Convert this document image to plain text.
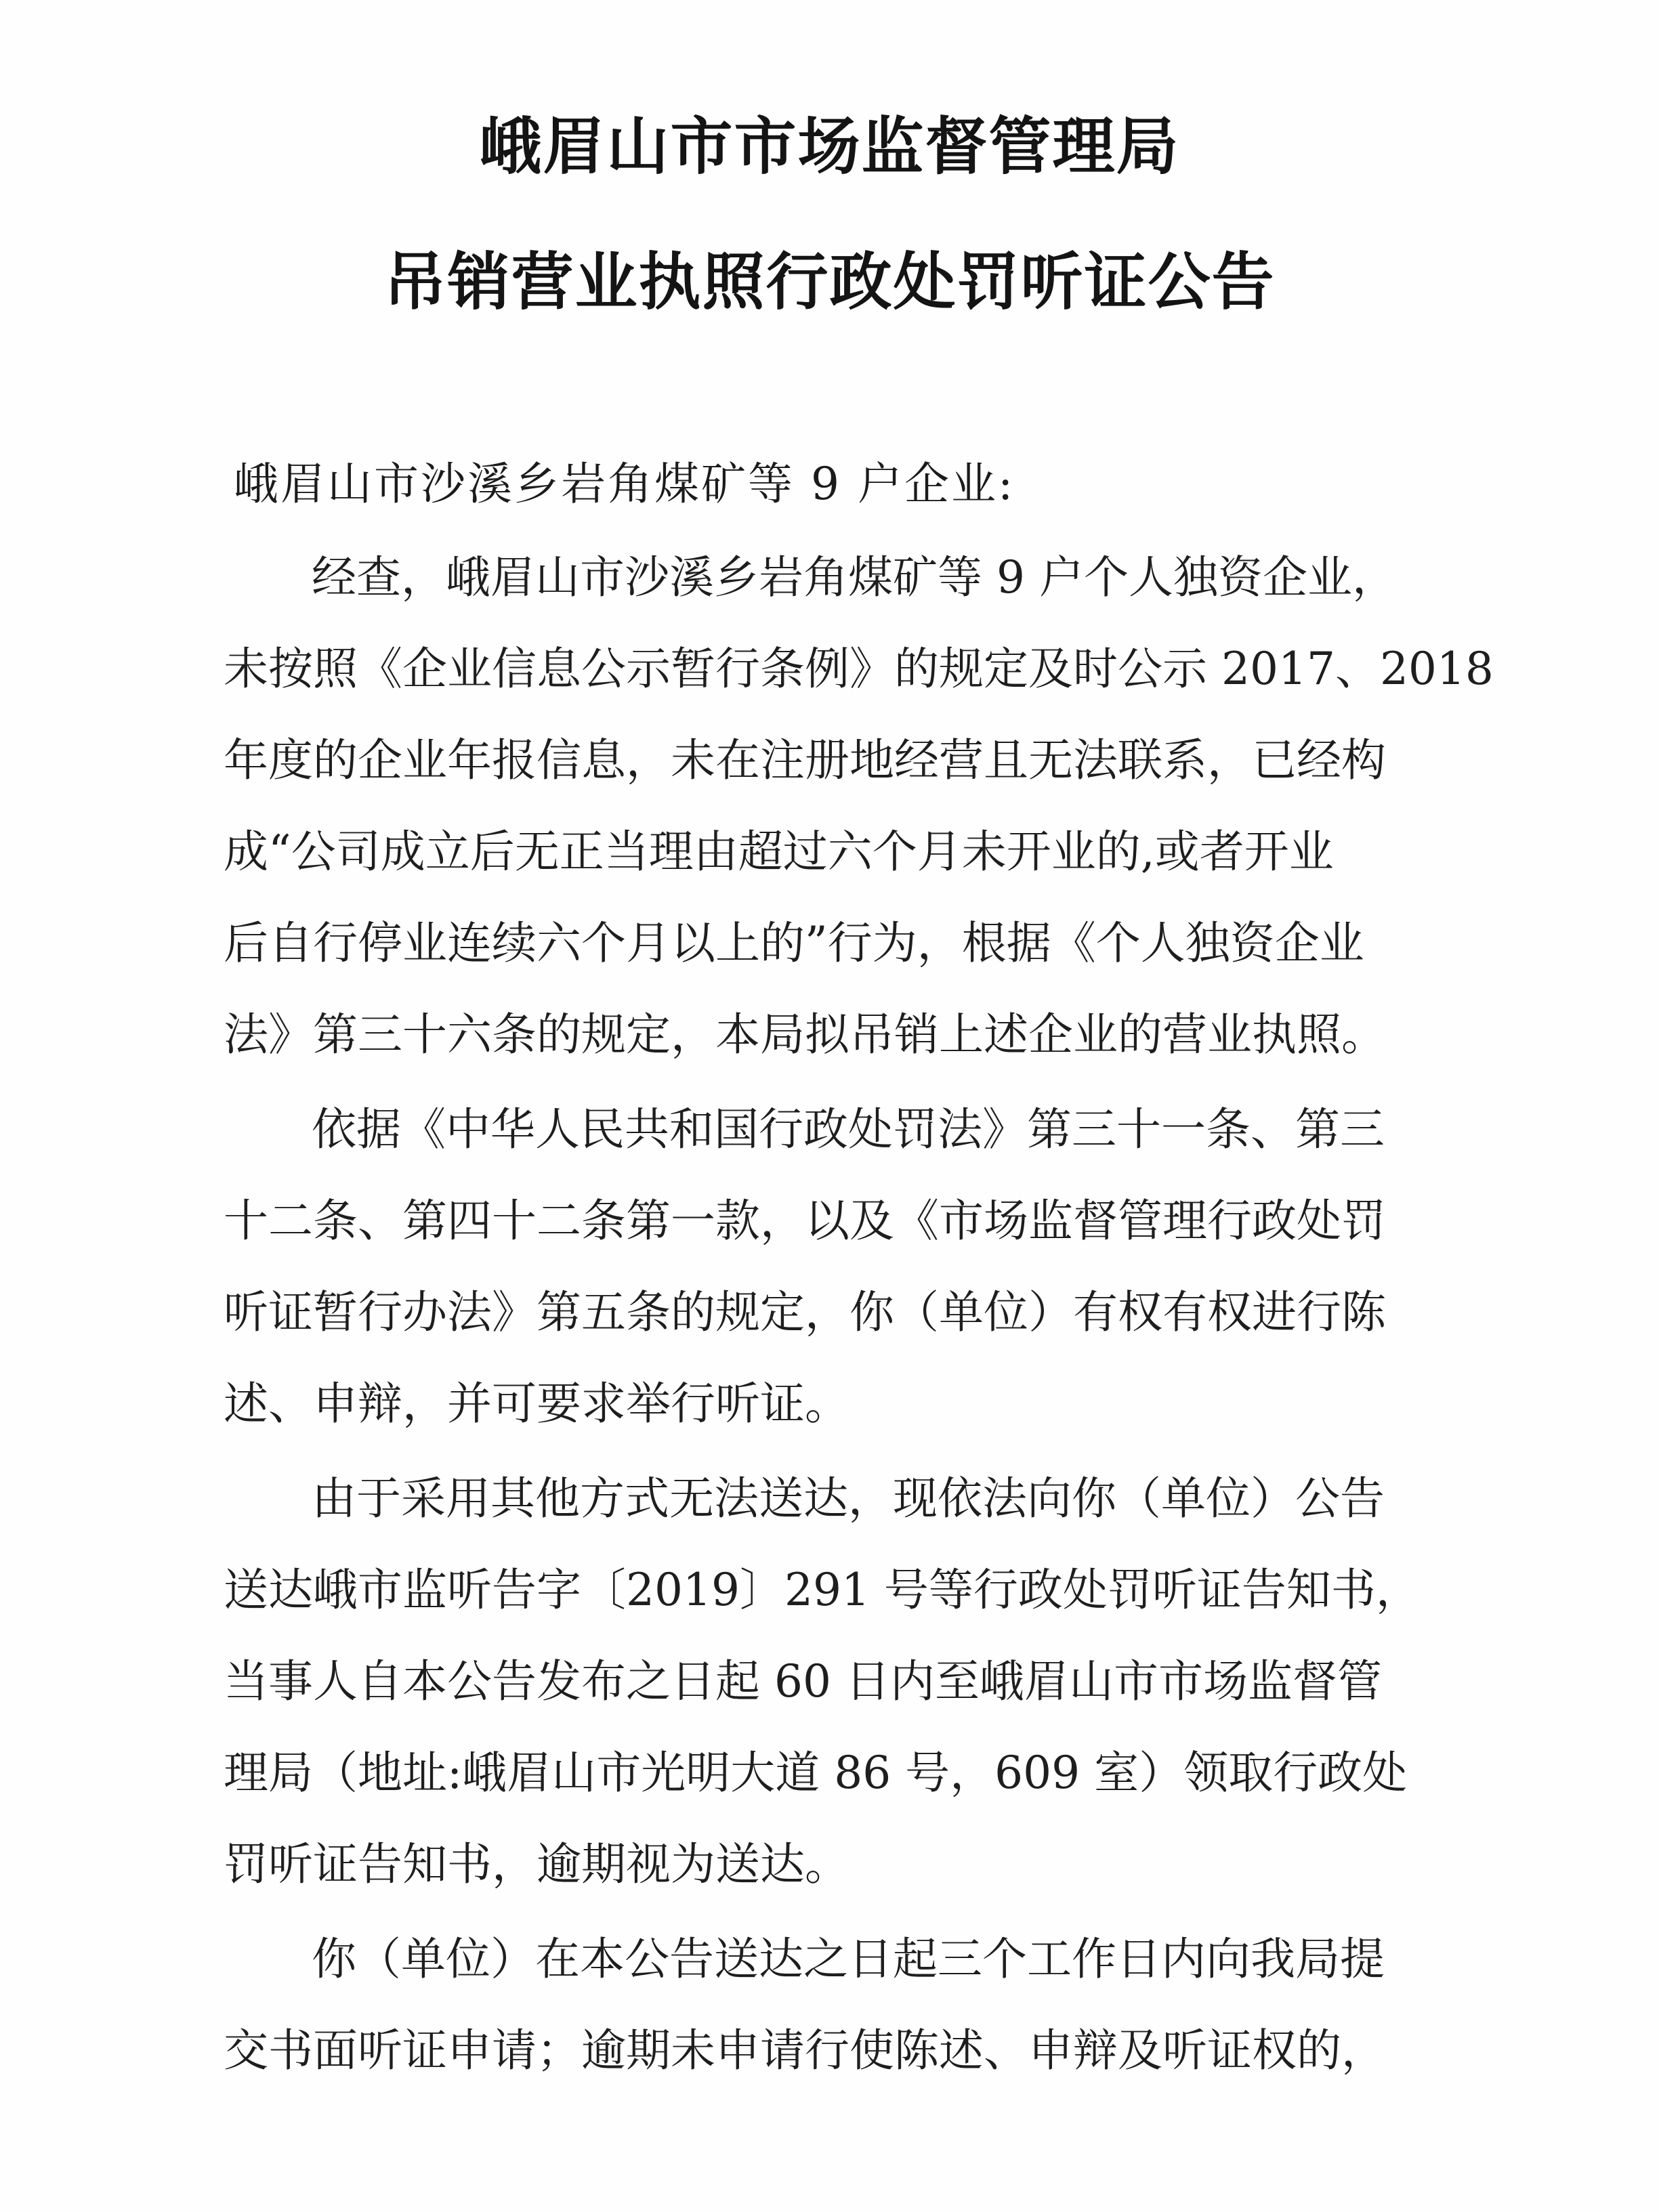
峨眉山市市场监督管理局
吊销营业执照行政处罚听证公告
峨眉山市沙溪乡岩角煤矿等 9 户企业:
经查，峨眉山市沙溪乡岩角煤矿等 9 户个人独资企业，
未按照《企业信息公示暂行条例》的规定及时公示 2017、2018
年度的企业年报信息，未在注册地经营且无法联系，已经构
成“公司成立后无正当理由超过六个月未开业的,或者开业
后自行停业连续六个月以上的”行为，根据《个人独资企业
法》第三十六条的规定，本局拟吊销上述企业的营业执照。
依据《中华人民共和国行政处罚法》第三十一条、第三
十二条、第四十二条第一款，以及《市场监督管理行政处罚
听证暂行办法》第五条的规定，你（单位）有权有权进行陈
述、申辩，并可要求举行听证。
由于采用其他方式无法送达，现依法向你（单位）公告
送达峨市监听告字〔2019〕291 号等行政处罚听证告知书，
当事人自本公告发布之日起 60 日内至峨眉山市市场监督管
理局（地址:峨眉山市光明大道 86 号，609 室）领取行政处
罚听证告知书，逾期视为送达。
你（单位）在本公告送达之日起三个工作日内向我局提
交书面听证申请；逾期未申请行使陈述、申辩及听证权的，
